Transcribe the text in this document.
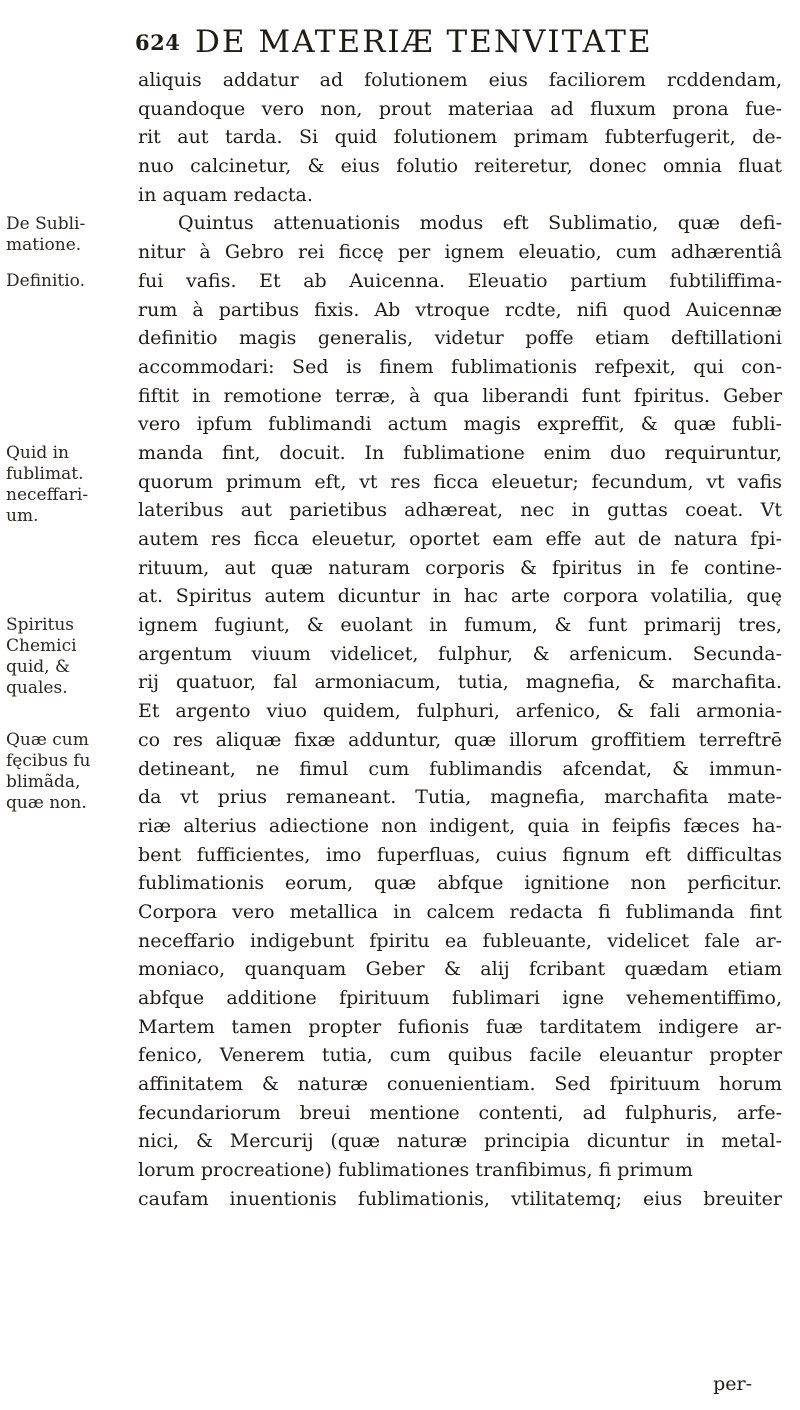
624 DE MATERIÆ TENVITATE
aliquis addatur ad folutionem eius faciliorem rcddendam,
quandoque vero non, prout materiaa ad fluxum prona fue-
rit aut tarda. Si quid folutionem primam fubterfugerit, de-
nuo calcinetur, & eius folutio reiteretur, donec omnia fluat
in aquam redacta.
Quintus attenuationis modus eft Sublimatio, quæ defi-
nitur à Gebro rei ficcę per ignem eleuatio, cum adhærentiâ
fui vafis. Et ab Auicenna. Eleuatio partium fubtiliffima-
rum à partibus fixis. Ab vtroque rcdte, nifi quod Auicennæ
definitio magis generalis, videtur poffe etiam deftillationi
accommodari: Sed is finem fublimationis refpexit, qui con-
fiftit in remotione terræ, à qua liberandi funt fpiritus. Geber
vero ipfum fublimandi actum magis expreffit, & quæ fubli-
manda fint, docuit. In fublimatione enim duo requiruntur,
quorum primum eft, vt res ficca eleuetur; fecundum, vt vafis
lateribus aut parietibus adhæreat, nec in guttas coeat. Vt
autem res ficca eleuetur, oportet eam effe aut de natura fpi-
rituum, aut quæ naturam corporis & fpiritus in fe contine-
at. Spiritus autem dicuntur in hac arte corpora volatilia, quę
ignem fugiunt, & euolant in fumum, & funt primarij tres,
argentum viuum videlicet, fulphur, & arfenicum. Secunda-
rij quatuor, fal armoniacum, tutia, magnefia, & marchafita.
Et argento viuo quidem, fulphuri, arfenico, & fali armonia-
co res aliquæ fixæ adduntur, quæ illorum groffitiem terreftrē
detineant, ne fimul cum fublimandis afcendat, & immun-
da vt prius remaneant. Tutia, magnefia, marchafita mate-
riæ alterius adiectione non indigent, quia in feipfis fæces ha-
bent fufficientes, imo fuperfluas, cuius fignum eft difficultas
fublimationis eorum, quæ abfque ignitione non perficitur.
Corpora vero metallica in calcem redacta fi fublimanda fint
neceffario indigebunt fpiritu ea fubleuante, videlicet fale ar-
moniaco, quanquam Geber & alij fcribant quædam etiam
abfque additione fpirituum fublimari igne vehementiffimo,
Martem tamen propter fufionis fuæ tarditatem indigere ar-
fenico, Venerem tutia, cum quibus facile eleuantur propter
affinitatem & naturæ conuenientiam. Sed fpirituum horum
fecundariorum breui mentione contenti, ad fulphuris, arfe-
nici, & Mercurij (quæ naturæ principia dicuntur in metal-
lorum procreatione) fublimationes tranfibimus, fi primum
caufam inuentionis fublimationis, vtilitatemq; eius breuiter
De Subli-
matione.
Definitio.
Quid in
fublimat.
neceffari-
um.
Spiritus
Chemici
quid, &
quales.
Quæ cum
fęcibus fu
blimãda,
quæ non.
per-
